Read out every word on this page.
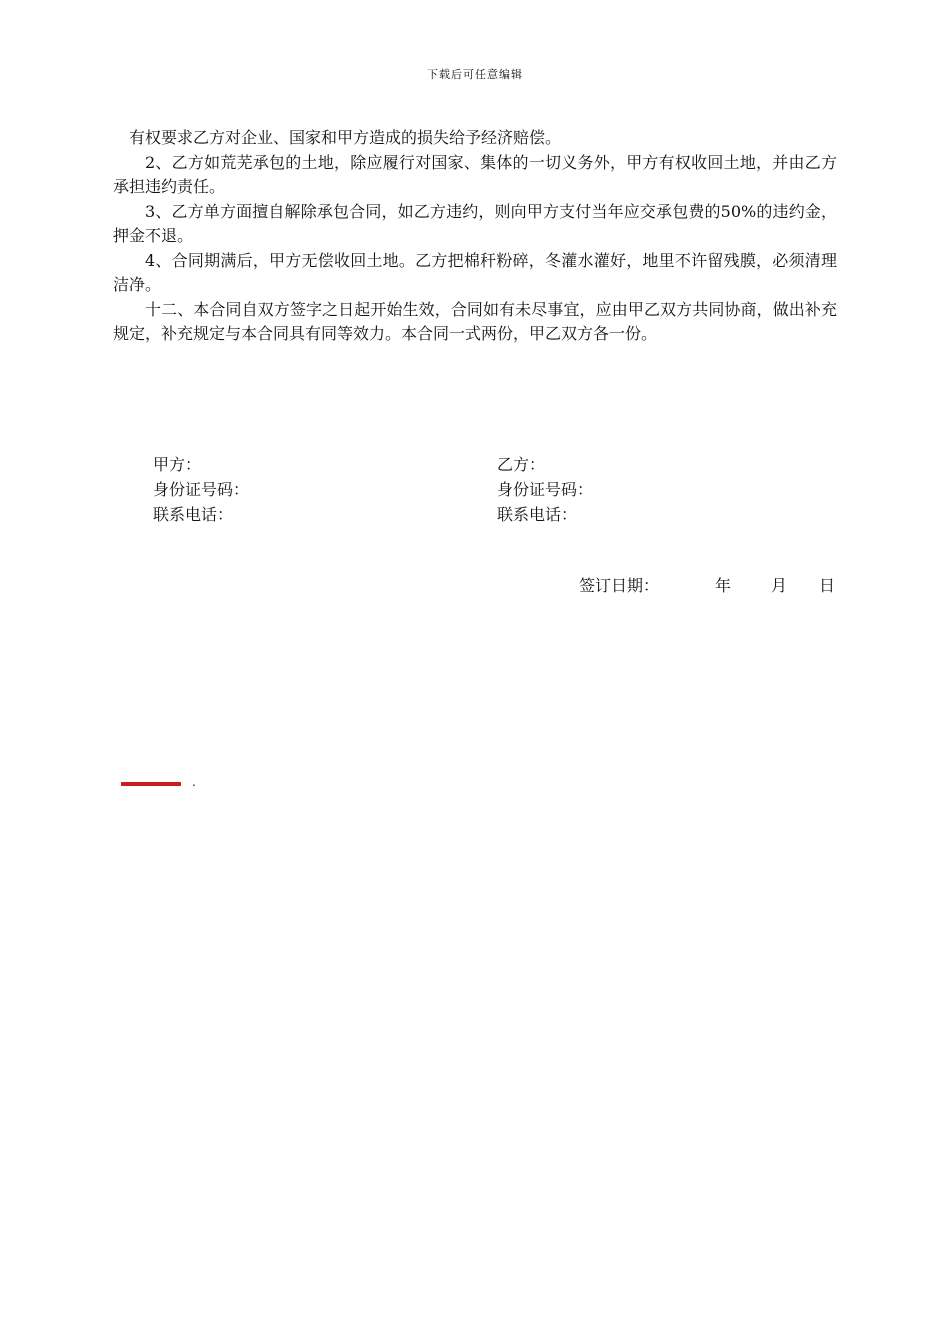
下载后可任意编辑

有权要求乙方对企业、国家和甲方造成的损失给予经济赔偿。

2、乙方如荒芜承包的土地，除应履行对国家、集体的一切义务外，甲方有权收回土地，并由乙方承担违约责任。

3、乙方单方面擅自解除承包合同，如乙方违约，则向甲方支付当年应交承包费的50%的违约金，押金不退。

4、合同期满后，甲方无偿收回土地。乙方把棉秆粉碎，冬灌水灌好，地里不许留残膜，必须清理洁净。

十二、本合同自双方签字之日起开始生效，合同如有未尽事宜，应由甲乙双方共同协商，做出补充规定，补充规定与本合同具有同等效力。本合同一式两份，甲乙双方各一份。

甲方：
身份证号码：
联系电话：
乙方：
身份证号码：
联系电话：
签订日期：	年 月 日
.
